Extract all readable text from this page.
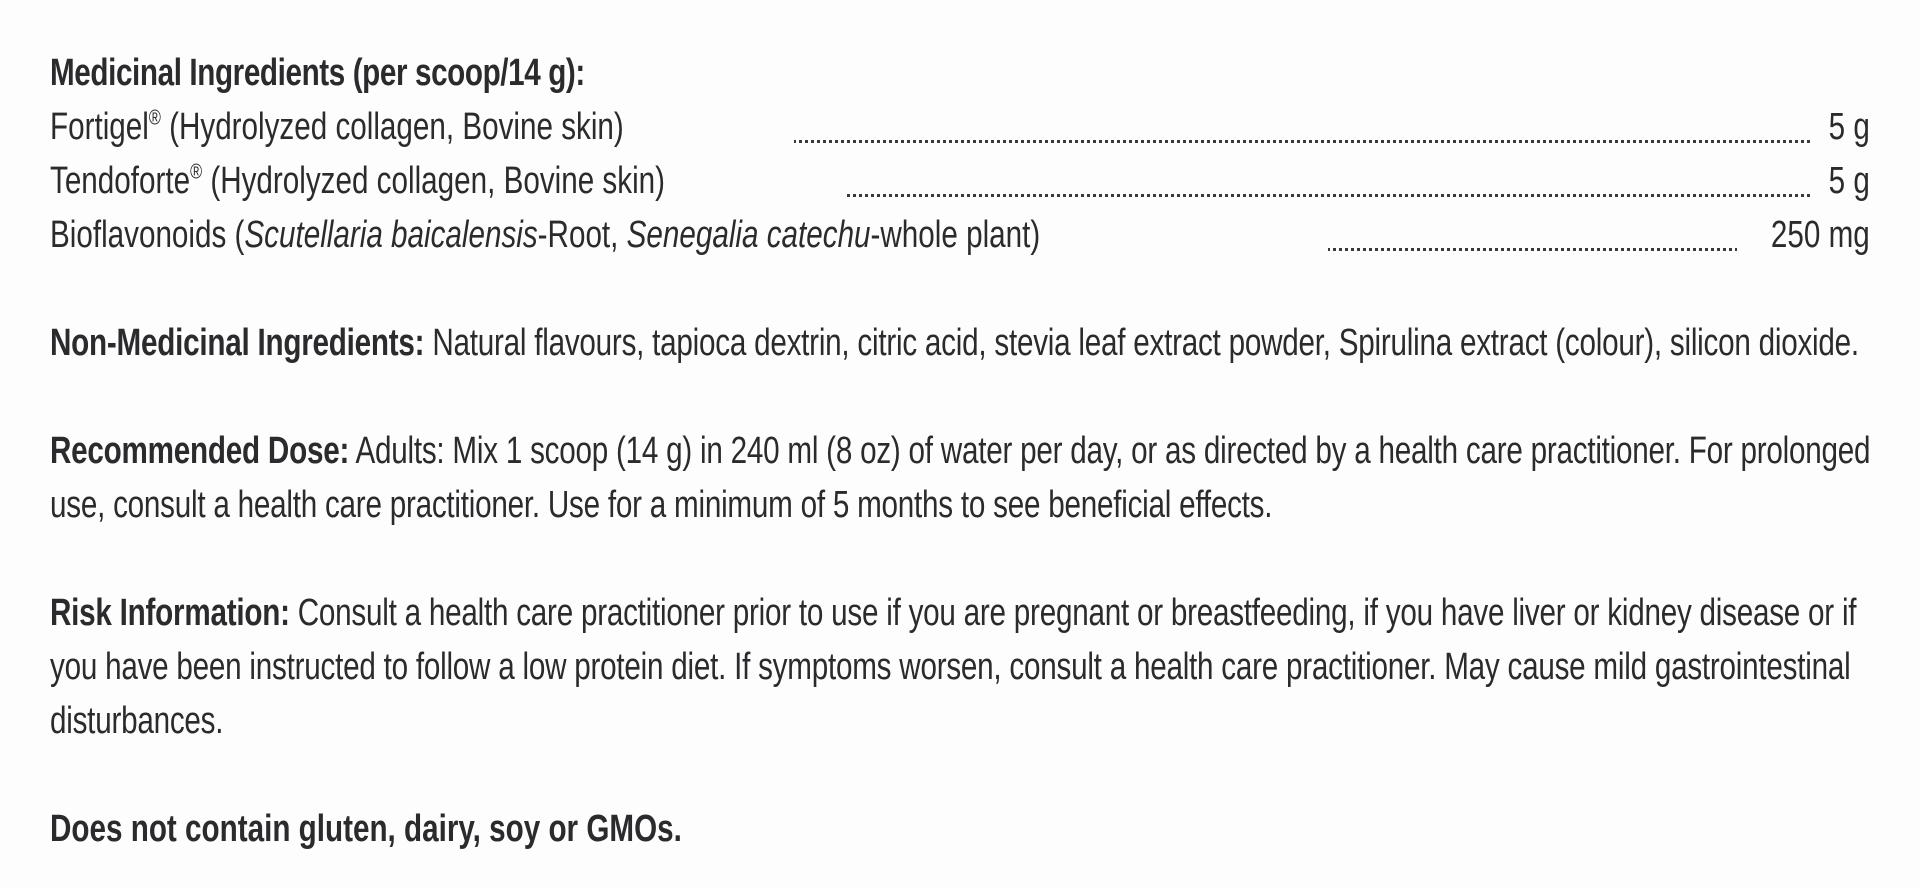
Medicinal Ingredients (per scoop/14 g):
Fortigel® (Hydrolyzed collagen, Bovine skin)	5 g
Tendoforte® (Hydrolyzed collagen, Bovine skin)	5 g
Bioflavonoids (Scutellaria baicalensis-Root, Senegalia catechu-whole plant)	250 mg
Non-Medicinal Ingredients: Natural flavours, tapioca dextrin, citric acid, stevia leaf extract powder, Spirulina extract (colour), silicon dioxide.
Recommended Dose: Adults: Mix 1 scoop (14 g) in 240 ml (8 oz) of water per day, or as directed by a health care practitioner. For prolonged
use, consult a health care practitioner. Use for a minimum of 5 months to see beneficial effects.
Risk Information: Consult a health care practitioner prior to use if you are pregnant or breastfeeding, if you have liver or kidney disease or if
you have been instructed to follow a low protein diet. If symptoms worsen, consult a health care practitioner. May cause mild gastrointestinal
disturbances.
Does not contain gluten, dairy, soy or GMOs.
